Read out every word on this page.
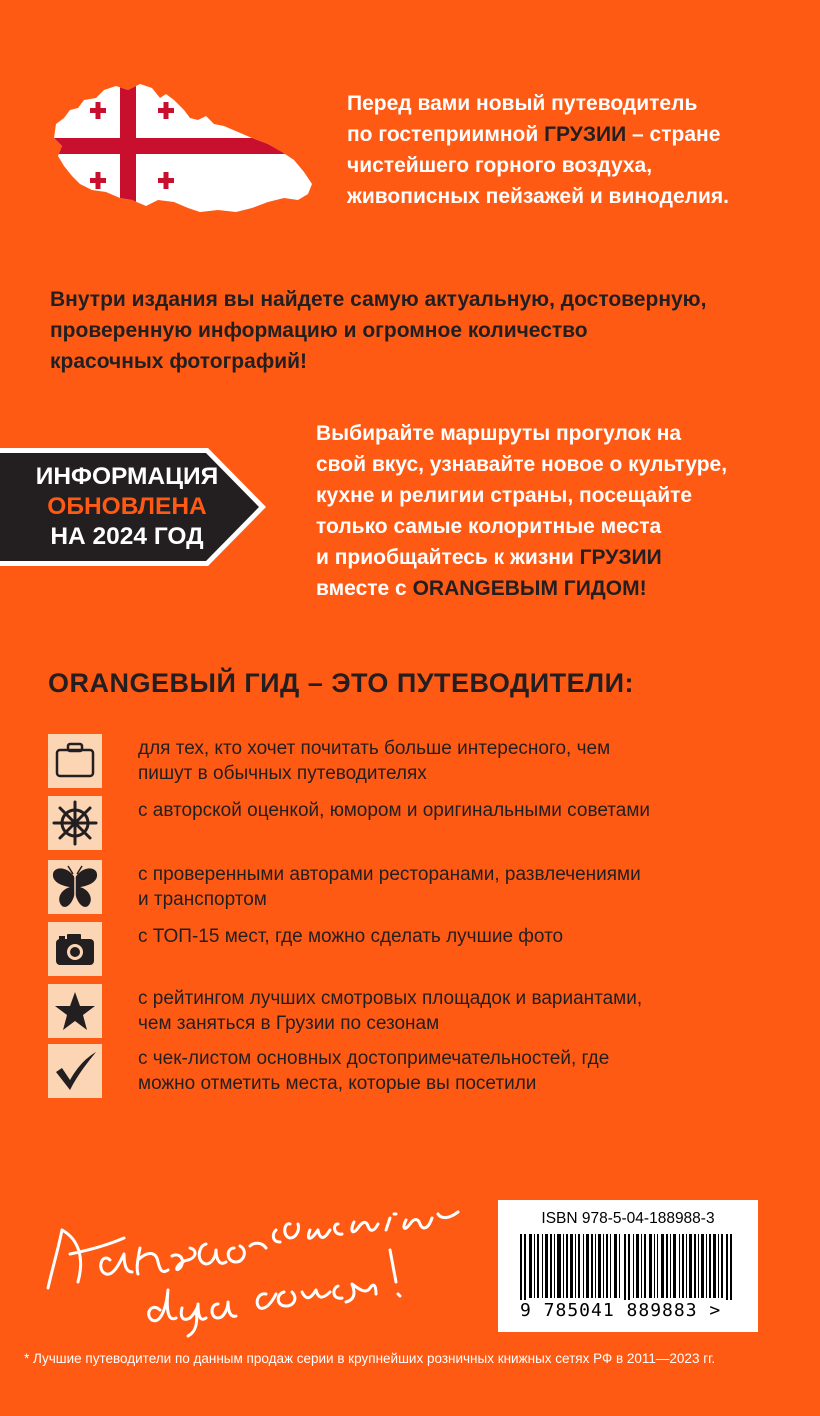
Перед вами новый путеводитель
по гостеприимной ГРУЗИИ – стране
чистейшего горного воздуха,
живописных пейзажей и виноделия.
Внутри издания вы найдете самую актуальную, достоверную,
проверенную информацию и огромное количество
красочных фотографий!
ИНФОРМАЦИЯ
ОБНОВЛЕНА
НА 2024 ГОД
Выбирайте маршруты прогулок на
свой вкус, узнавайте новое о культуре,
кухне и религии страны, посещайте
только самые колоритные места
и приобщайтесь к жизни ГРУЗИИ
вместе с ORANGEВЫМ ГИДОМ!
ORANGEВЫЙ ГИД – ЭТО ПУТЕВОДИТЕЛИ:
для тех, кто хочет почитать больше интересного, чем
пишут в обычных путеводителях
с авторской оценкой, юмором и оригинальными советами
с проверенными авторами ресторанами, развлечениями
и транспортом
с ТОП-15 мест, где можно сделать лучшие фото
с рейтингом лучших смотровых площадок и вариантами,
чем заняться в Грузии по сезонам
с чек-листом основных достопримечательностей, где
можно отметить места, которые вы посетили
ISBN 978-5-04-188988-3
9 785041 889883 >
* Лучшие путеводители по данным продаж серии в крупнейших розничных книжных сетях РФ в 2011—2023 гг.
